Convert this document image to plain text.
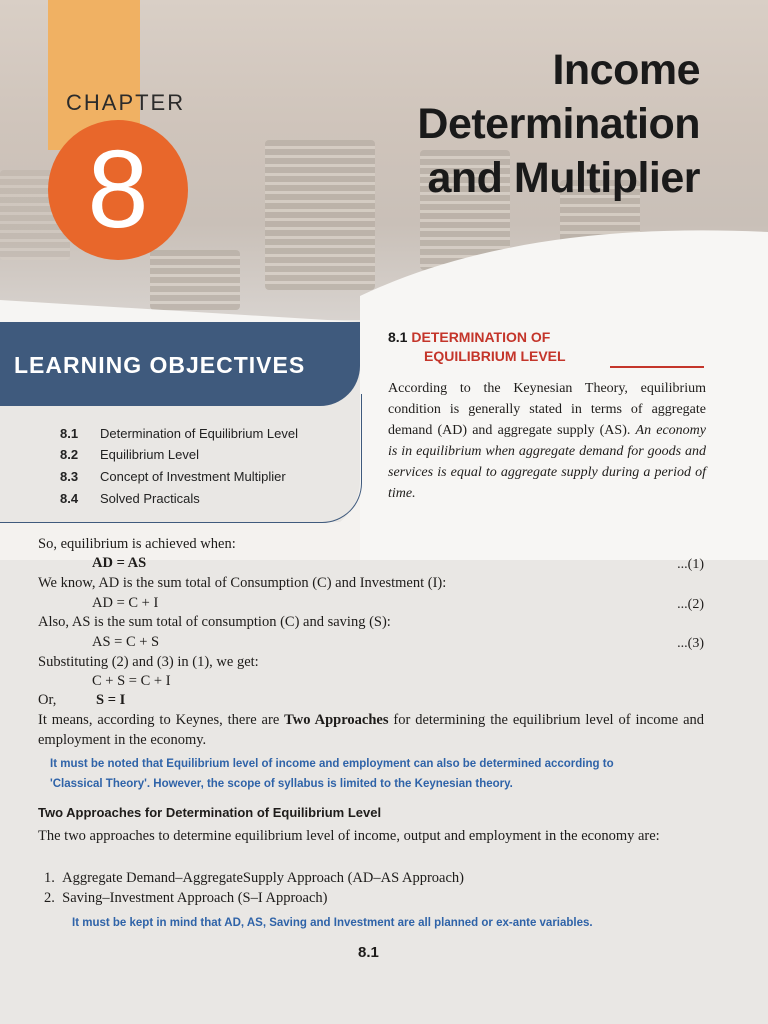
CHAPTER
8
Income
Determination
and Multiplier
LEARNING OBJECTIVES
8.1 Determination of Equilibrium Level
8.2 Equilibrium Level
8.3 Concept of Investment Multiplier
8.4 Solved Practicals
8.1 DETERMINATION OF
EQUILIBRIUM LEVEL
According to the Keynesian Theory, equilibrium condition is generally stated in terms of aggregate demand (AD) and aggregate supply (AS). An economy is in equilibrium when aggregate demand for goods and services is equal to aggregate supply during a period of time.
So, equilibrium is achieved when:
AD = AS	...(1)
We know, AD is the sum total of Consumption (C) and Investment (I):
AD = C + I	...(2)
Also, AS is the sum total of consumption (C) and saving (S):
AS = C + S	...(3)
Substituting (2) and (3) in (1), we get:
C + S = C + I
Or,	S = I
It means, according to Keynes, there are Two Approaches for determining the equilibrium level of income and employment in the economy.
It must be noted that Equilibrium level of income and employment can also be determined according to
'Classical Theory'. However, the scope of syllabus is limited to the Keynesian theory.
Two Approaches for Determination of Equilibrium Level
The two approaches to determine equilibrium level of income, output and employment in the economy are:
1. Aggregate Demand–AggregateSupply Approach (AD–AS Approach)
2. Saving–Investment Approach (S–I Approach)
It must be kept in mind that AD, AS, Saving and Investment are all planned or ex-ante variables.
8.1
